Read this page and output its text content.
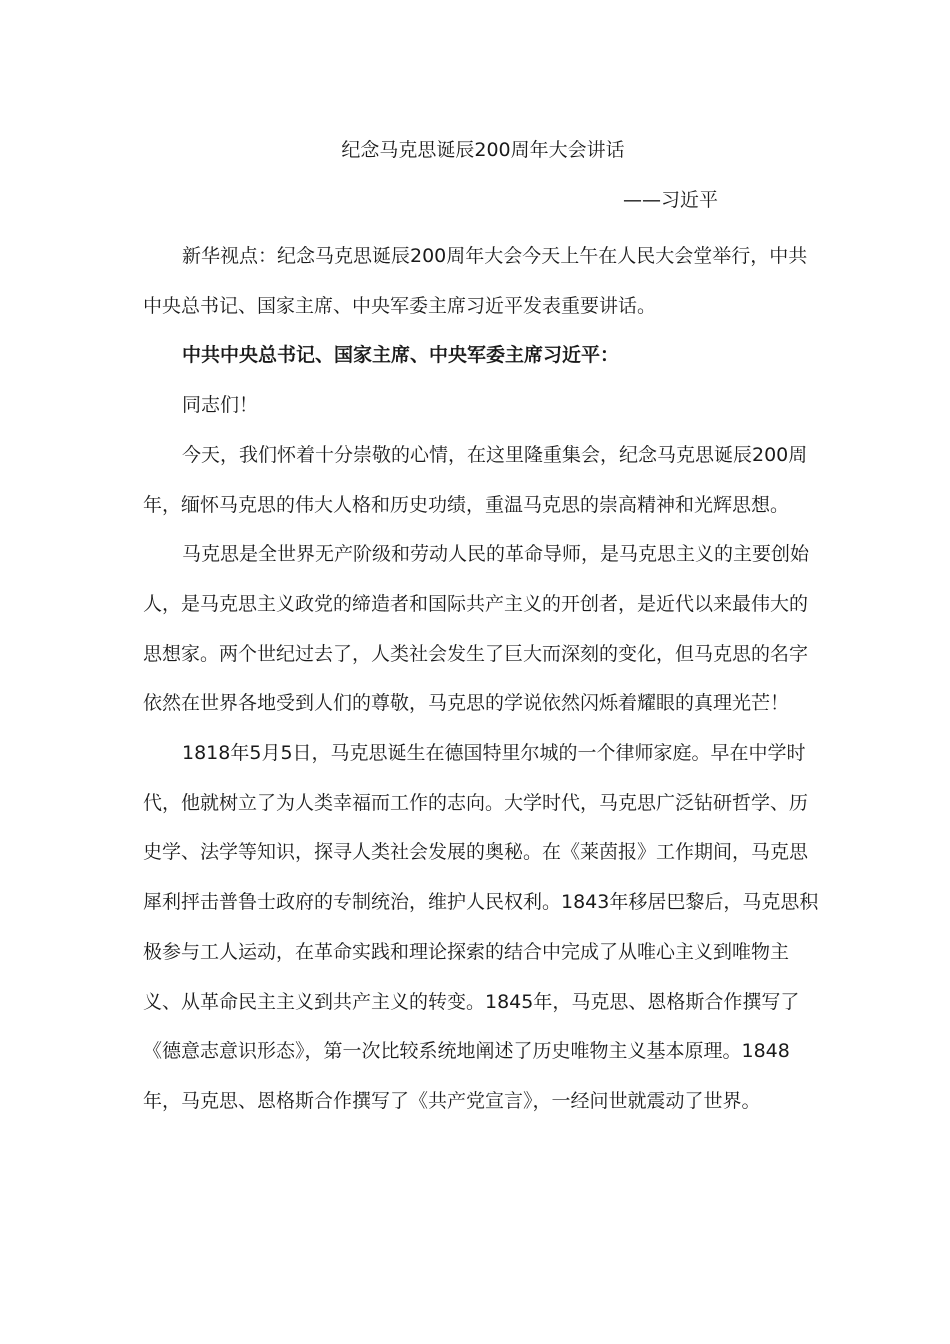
纪念马克思诞辰200周年大会讲话
——习近平

新华视点：纪念马克思诞辰200周年大会今天上午在人民大会堂举行，中共中央总书记、国家主席、中央军委主席习近平发表重要讲话。

中共中央总书记、国家主席、中央军委主席习近平：

同志们！

今天，我们怀着十分崇敬的心情，在这里隆重集会，纪念马克思诞辰200周年，缅怀马克思的伟大人格和历史功绩，重温马克思的崇高精神和光辉思想。

马克思是全世界无产阶级和劳动人民的革命导师，是马克思主义的主要创始人，是马克思主义政党的缔造者和国际共产主义的开创者，是近代以来最伟大的思想家。两个世纪过去了，人类社会发生了巨大而深刻的变化，但马克思的名字依然在世界各地受到人们的尊敬，马克思的学说依然闪烁着耀眼的真理光芒！

1818年5月5日，马克思诞生在德国特里尔城的一个律师家庭。早在中学时代，他就树立了为人类幸福而工作的志向。大学时代，马克思广泛钻研哲学、历史学、法学等知识，探寻人类社会发展的奥秘。在《莱茵报》工作期间，马克思犀利抨击普鲁士政府的专制统治，维护人民权利。1843年移居巴黎后，马克思积极参与工人运动，在革命实践和理论探索的结合中完成了从唯心主义到唯物主义、从革命民主主义到共产主义的转变。1845年，马克思、恩格斯合作撰写了《德意志意识形态》，第一次比较系统地阐述了历史唯物主义基本原理。1848年，马克思、恩格斯合作撰写了《共产党宣言》，一经问世就震动了世界。
